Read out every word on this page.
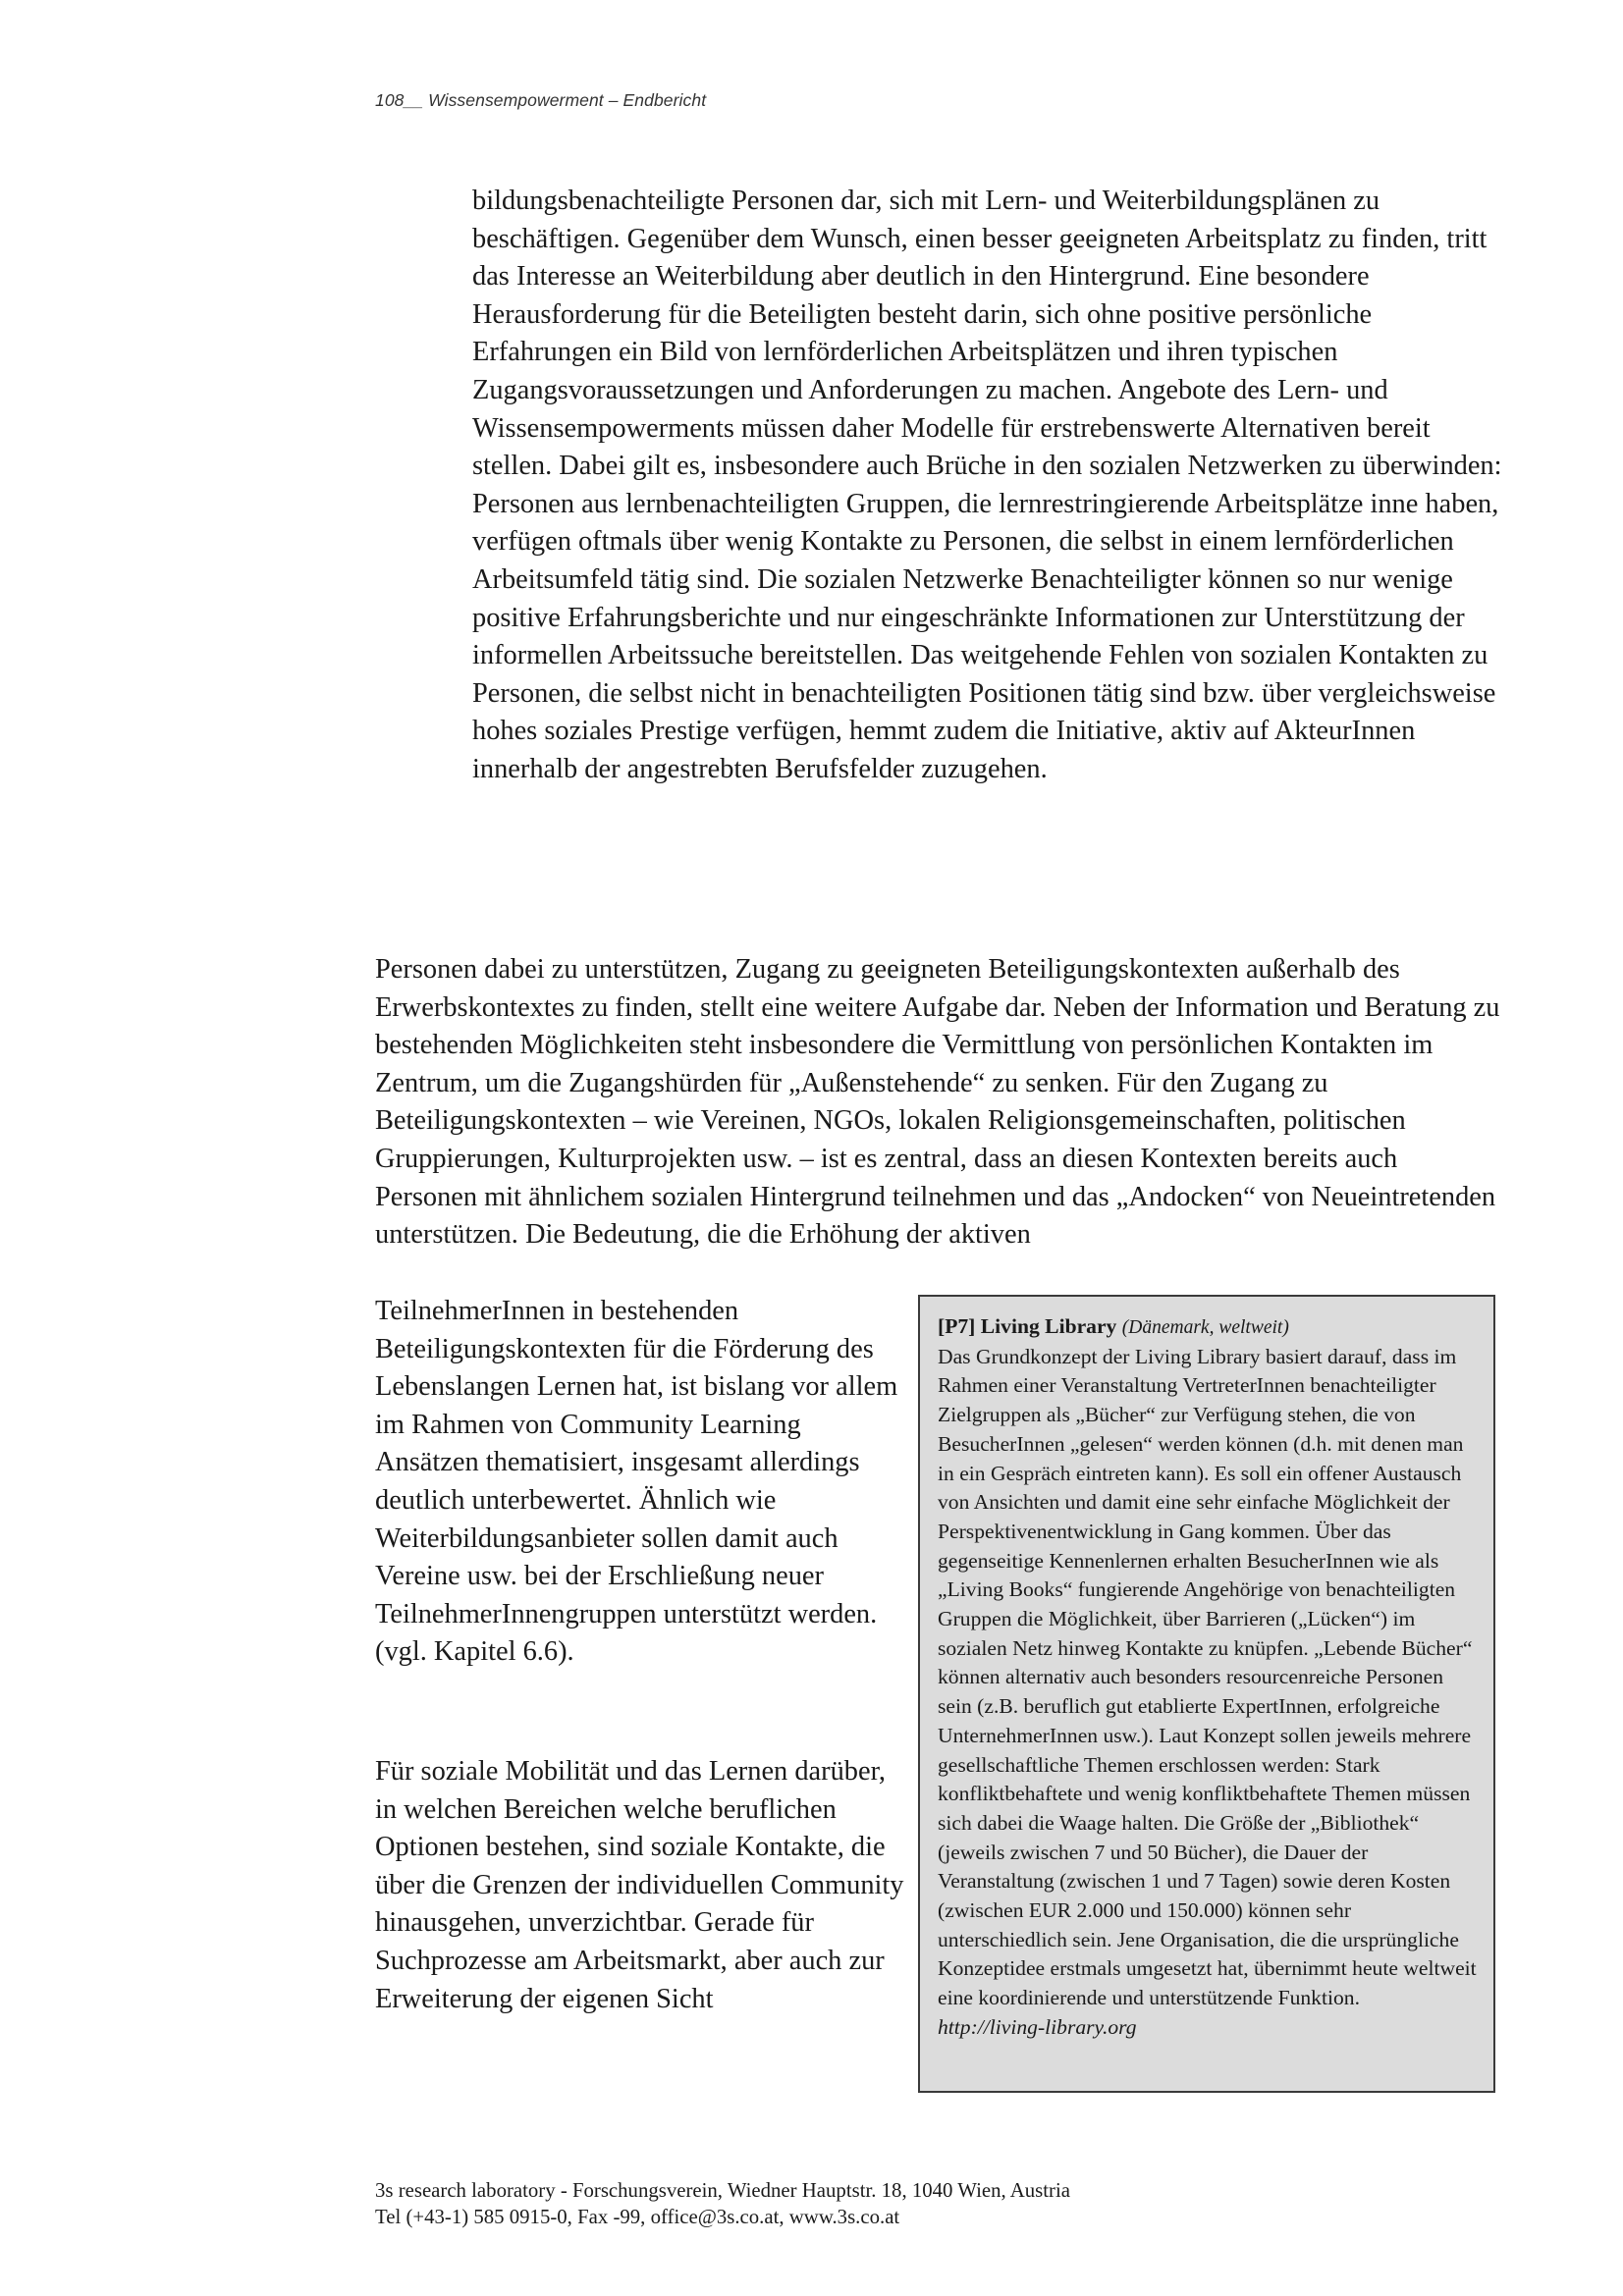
108__ Wissensempowerment – Endbericht

bildungsbenachteiligte Personen dar, sich mit Lern- und Weiterbildungsplänen zu beschäftigen. Gegenüber dem Wunsch, einen besser geeigneten Arbeitsplatz zu finden, tritt das Interesse an Weiterbildung aber deutlich in den Hintergrund. Eine besondere Herausforderung für die Beteiligten besteht darin, sich ohne positive persönliche Erfahrungen ein Bild von lernförderlichen Arbeitsplätzen und ihren typischen Zugangsvoraussetzungen und Anforderungen zu machen. Angebote des Lern- und Wissensempowerments müssen daher Modelle für erstrebenswerte Alternativen bereit stellen. Dabei gilt es, insbesondere auch Brüche in den sozialen Netzwerken zu überwinden: Personen aus lernbenachteiligten Gruppen, die lernrestringierende Arbeitsplätze inne haben, verfügen oftmals über wenig Kontakte zu Personen, die selbst in einem lernförderlichen Arbeitsumfeld tätig sind. Die sozialen Netzwerke Benachteiligter können so nur wenige positive Erfahrungsberichte und nur eingeschränkte Informationen zur Unterstützung der informellen Arbeitssuche bereitstellen. Das weitgehende Fehlen von sozialen Kontakten zu Personen, die selbst nicht in benachteiligten Positionen tätig sind bzw. über vergleichsweise hohes soziales Prestige verfügen, hemmt zudem die Initiative, aktiv auf AkteurInnen innerhalb der angestrebten Berufsfelder zuzugehen.

Personen dabei zu unterstützen, Zugang zu geeigneten Beteiligungskontexten außerhalb des Erwerbskontextes zu finden, stellt eine weitere Aufgabe dar. Neben der Information und Beratung zu bestehenden Möglichkeiten steht insbesondere die Vermittlung von persönlichen Kontakten im Zentrum, um die Zugangshürden für „Außenstehende“ zu senken. Für den Zugang zu Beteiligungskontexten – wie Vereinen, NGOs, lokalen Religionsgemeinschaften, politischen Gruppierungen, Kulturprojekten usw. – ist es zentral, dass an diesen Kontexten bereits auch Personen mit ähnlichem sozialen Hintergrund teilnehmen und das „Andocken“ von Neueintretenden unterstützen. Die Bedeutung, die die Erhöhung der aktiven

TeilnehmerInnen in bestehenden Beteiligungskontexten für die Förderung des Lebenslangen Lernen hat, ist bislang vor allem im Rahmen von Community Learning Ansätzen thematisiert, insgesamt allerdings deutlich unterbewertet. Ähnlich wie Weiterbildungsanbieter sollen damit auch Vereine usw. bei der Erschließung neuer TeilnehmerInnengruppen unterstützt werden. (vgl. Kapitel 6.6).

Für soziale Mobilität und das Lernen darüber, in welchen Bereichen welche beruflichen Optionen bestehen, sind soziale Kontakte, die über die Grenzen der individuellen Community hinausgehen, unverzichtbar. Gerade für Suchprozesse am Arbeitsmarkt, aber auch zur Erweiterung der eigenen Sicht

[P7] Living Library (Dänemark, weltweit)

Das Grundkonzept der Living Library basiert darauf, dass im Rahmen einer Veranstaltung VertreterInnen benachteiligter Zielgruppen als „Bücher“ zur Verfügung stehen, die von BesucherInnen „gelesen“ werden können (d.h. mit denen man in ein Gespräch eintreten kann). Es soll ein offener Austausch von Ansichten und damit eine sehr einfache Möglichkeit der Perspektivenentwicklung in Gang kommen. Über das gegenseitige Kennenlernen erhalten BesucherInnen wie als „Living Books“ fungierende Angehörige von benachteiligten Gruppen die Möglichkeit, über Barrieren („Lücken“) im sozialen Netz hinweg Kontakte zu knüpfen. „Lebende Bücher“ können alternativ auch besonders resourcenreiche Personen sein (z.B. beruflich gut etablierte ExpertInnen, erfolgreiche UnternehmerInnen usw.). Laut Konzept sollen jeweils mehrere gesellschaftliche Themen erschlossen werden: Stark konfliktbehaftete und wenig konfliktbehaftete Themen müssen sich dabei die Waage halten. Die Größe der „Bibliothek“ (jeweils zwischen 7 und 50 Bücher), die Dauer der Veranstaltung (zwischen 1 und 7 Tagen) sowie deren Kosten (zwischen EUR 2.000 und 150.000) können sehr unterschiedlich sein. Jene Organisation, die die ursprüngliche Konzeptidee erstmals umgesetzt hat, übernimmt heute weltweit eine koordinierende und unterstützende Funktion.

http://living-library.org

3s research laboratory - Forschungsverein, Wiedner Hauptstr. 18, 1040 Wien, Austria
Tel (+43-1) 585 0915-0, Fax -99, office@3s.co.at, www.3s.co.at
